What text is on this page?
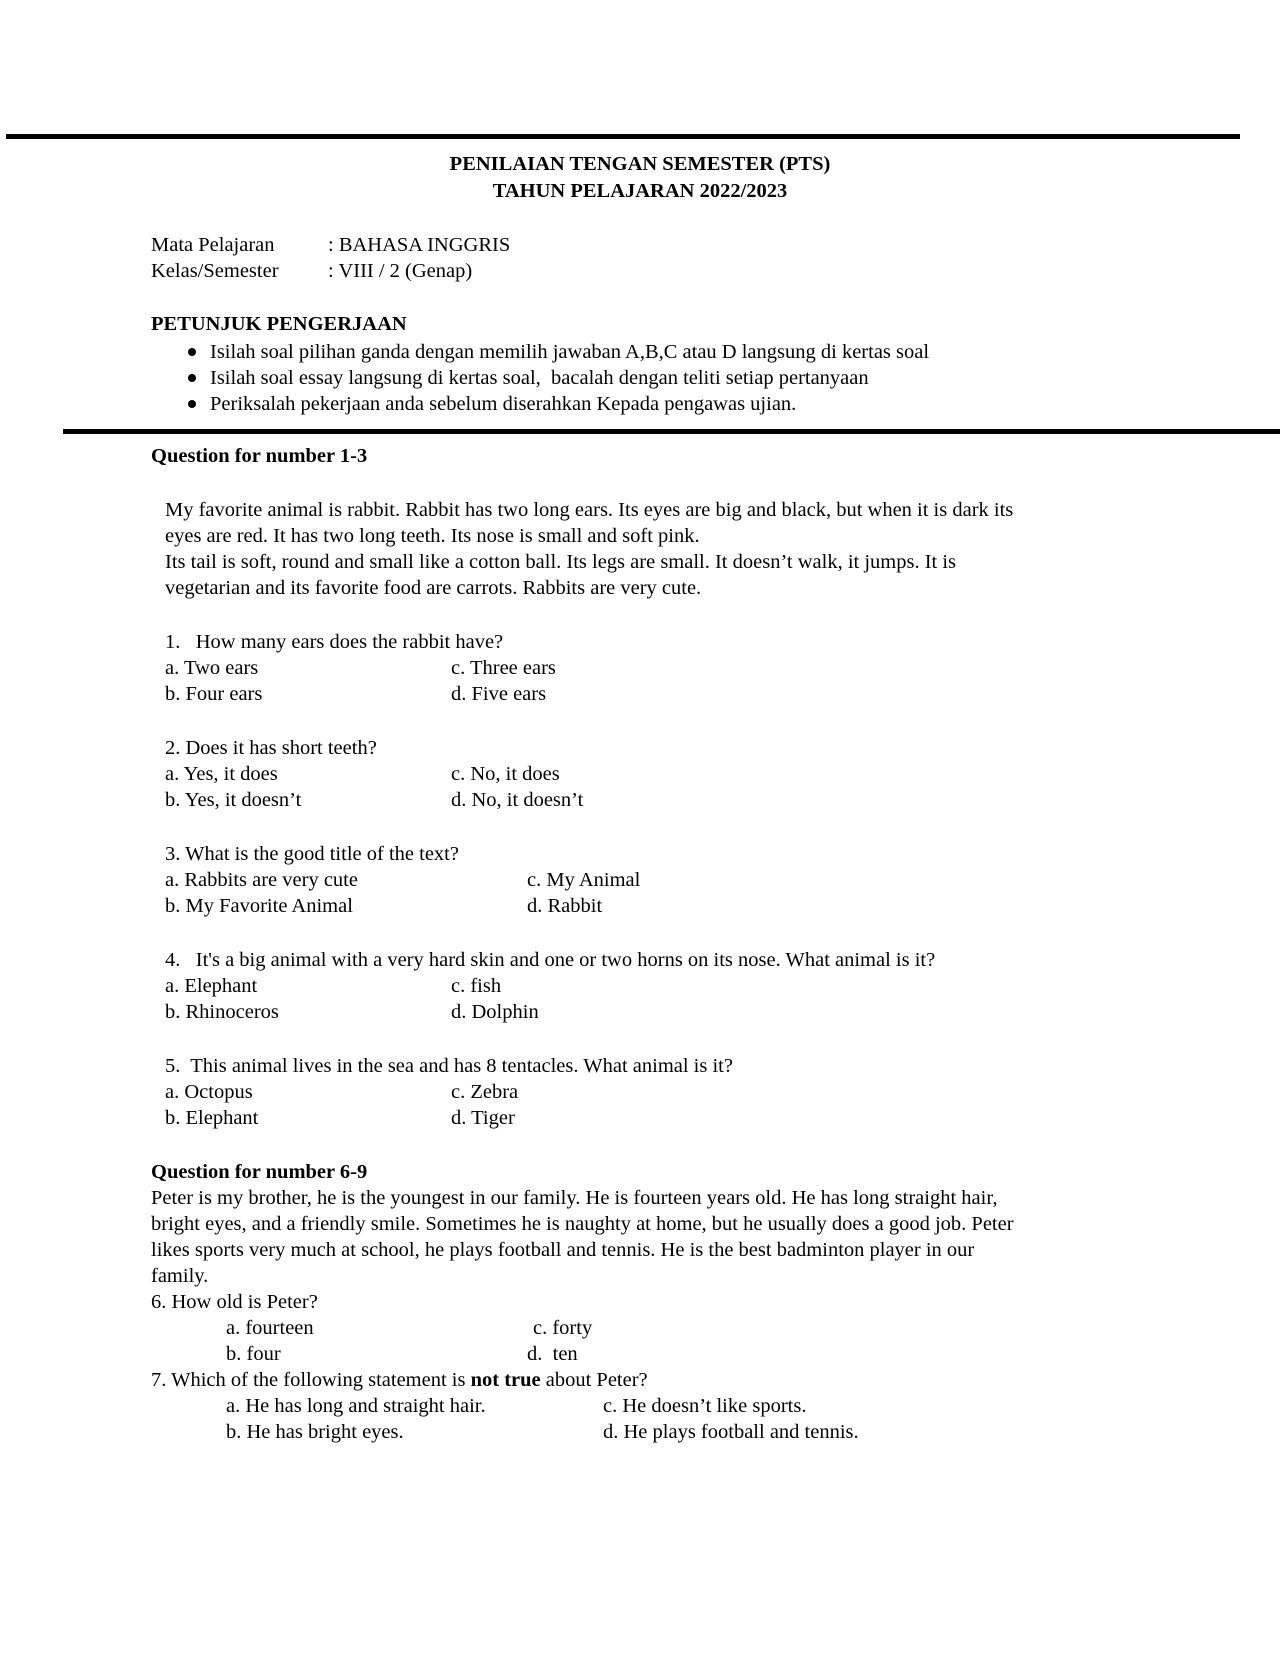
PENILAIAN TENGAN SEMESTER (PTS)
TAHUN PELAJARAN 2022/2023
Mata Pelajaran	: BAHASA INGGRIS
Kelas/Semester : VIII / 2 (Genap)
PETUNJUK PENGERJAAN
Isilah soal pilihan ganda dengan memilih jawaban A,B,C atau D langsung di kertas soal
Isilah soal essay langsung di kertas soal,  bacalah dengan teliti setiap pertanyaan
Periksalah pekerjaan anda sebelum diserahkan Kepada pengawas ujian.
Question for number 1-3
My favorite animal is rabbit. Rabbit has two long ears. Its eyes are big and black, but when it is dark its
eyes are red. It has two long teeth. Its nose is small and soft pink.
Its tail is soft, round and small like a cotton ball. Its legs are small. It doesn’t walk, it jumps. It is
vegetarian and its favorite food are carrots. Rabbits are very cute.
1.   How many ears does the rabbit have?
a. Two ears	c. Three ears
b. Four ears	d. Five ears
2. Does it has short teeth?
a. Yes, it does	c. No, it does
b. Yes, it doesn’t	d. No, it doesn’t
3. What is the good title of the text?
a. Rabbits are very cute	c. My Animal
b. My Favorite Animal	d. Rabbit
4.   It's a big animal with a very hard skin and one or two horns on its nose. What animal is it?
a. Elephant	c. fish
b. Rhinoceros	d. Dolphin
5.  This animal lives in the sea and has 8 tentacles. What animal is it?
a. Octopus	c. Zebra
b. Elephant	d. Tiger
Question for number 6-9
Peter is my brother, he is the youngest in our family. He is fourteen years old. He has long straight hair,
bright eyes, and a friendly smile. Sometimes he is naughty at home, but he usually does a good job. Peter
likes sports very much at school, he plays football and tennis. He is the best badminton player in our
family.
6. How old is Peter?
a. fourteen	c. forty
b. four	d.  ten
7. Which of the following statement is not true about Peter?
a. He has long and straight hair.	c. He doesn’t like sports.
b. He has bright eyes.	d. He plays football and tennis.
